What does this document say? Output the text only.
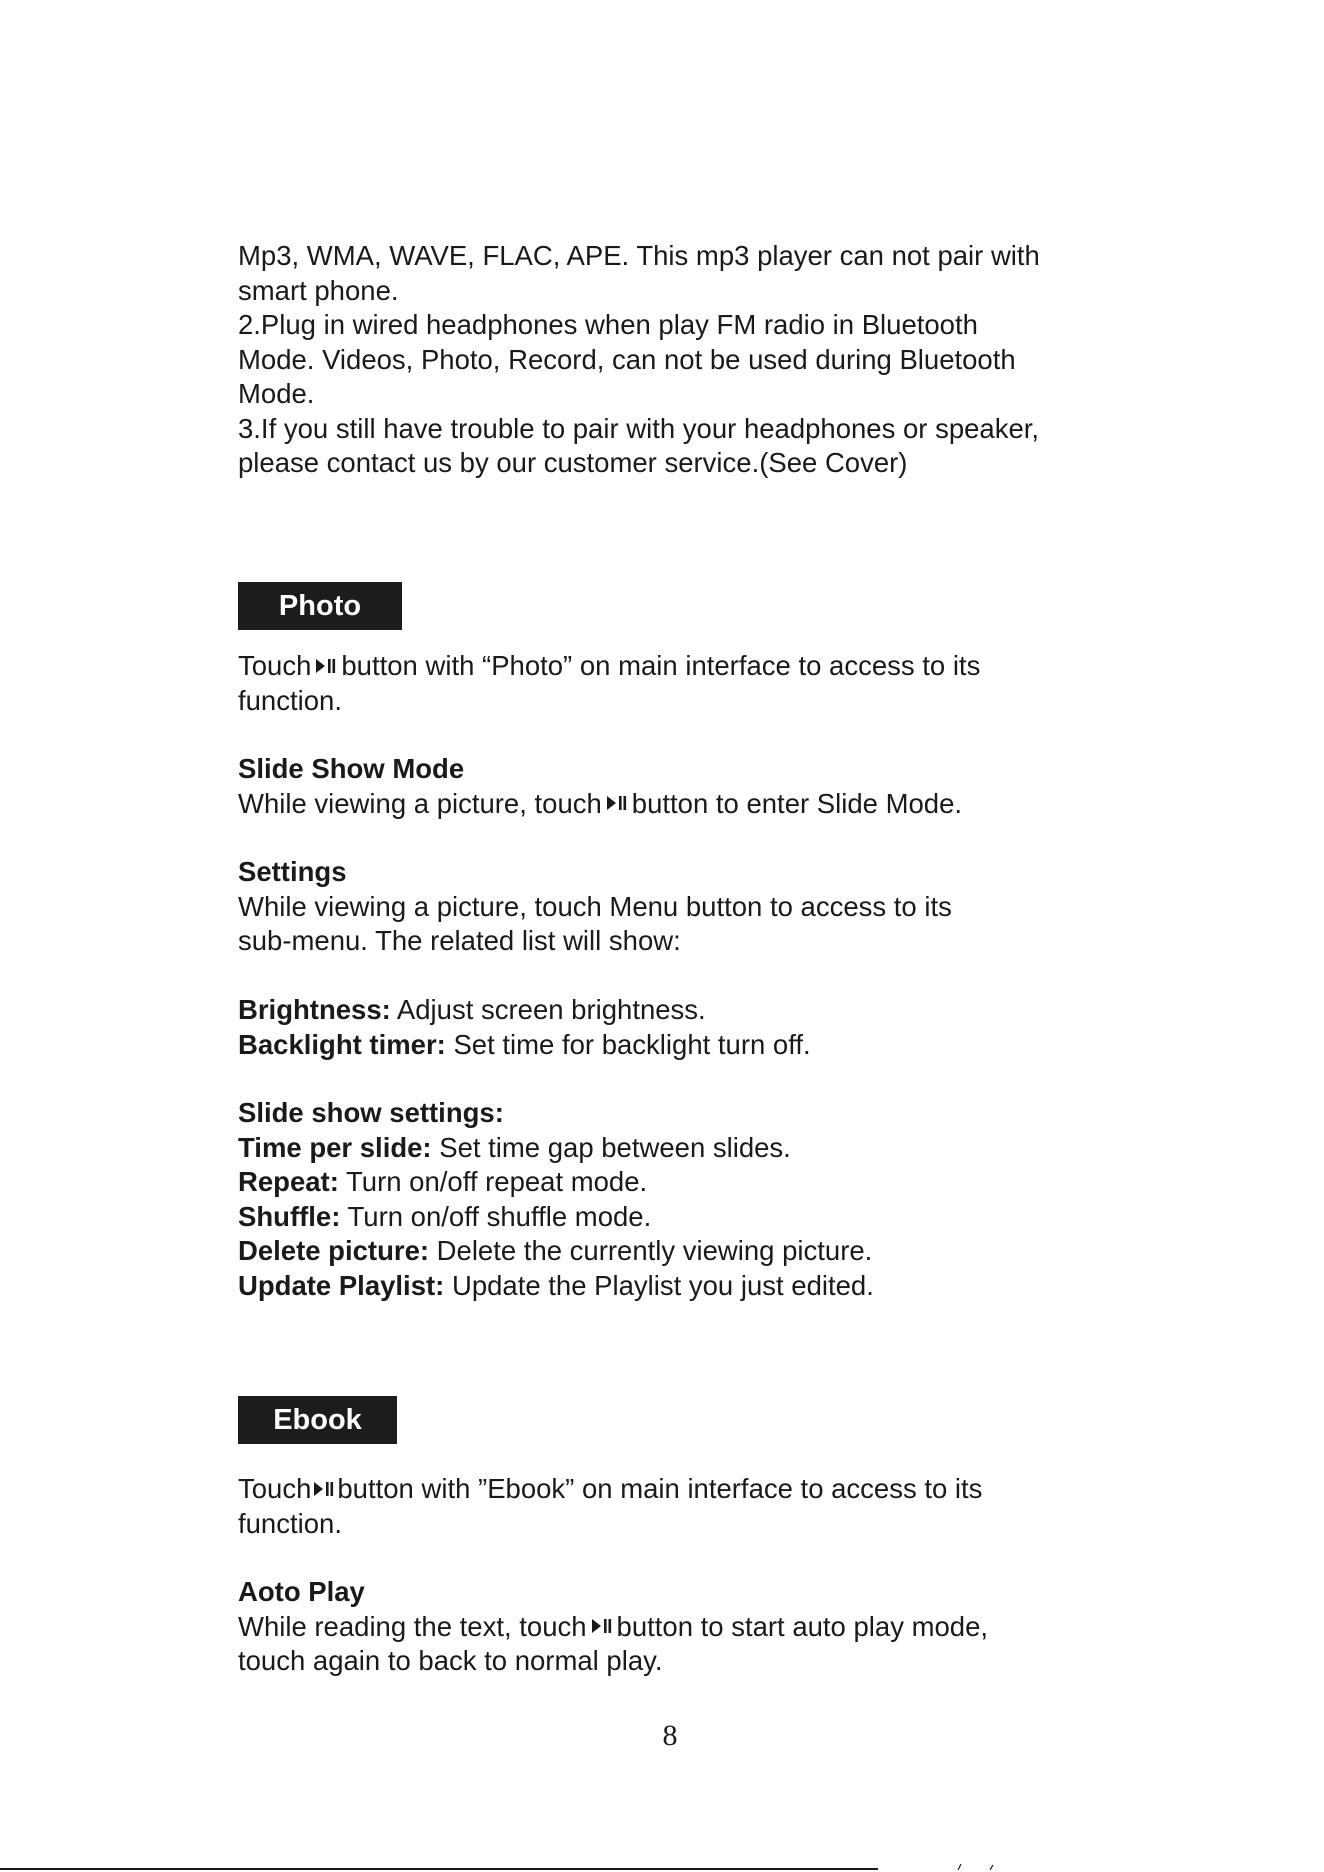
Mp3, WMA, WAVE, FLAC, APE. This mp3 player can not pair with

smart phone.

2.Plug in wired headphones when play FM radio in Bluetooth

Mode. Videos, Photo, Record, can not be used during Bluetooth

Mode.

3.If you still have trouble to pair with your headphones or speaker,

please contact us by our customer service.(See Cover)

Photo

Touch button with “Photo” on main interface to access to its

function.

Slide Show Mode

While viewing a picture, touch button to enter Slide Mode.

Settings

While viewing a picture, touch Menu button to access to its

sub-menu. The related list will show:

Brightness: Adjust screen brightness.

Backlight timer: Set time for backlight turn off.

Slide show settings:

Time per slide: Set time gap between slides.

Repeat: Turn on/off repeat mode.

Shuffle: Turn on/off shuffle mode.

Delete picture: Delete the currently viewing picture.

Update Playlist: Update the Playlist you just edited.

Ebook

Touch button with ”Ebook” on main interface to access to its

function.

Aoto Play

While reading the text, touch button to start auto play mode,

touch again to back to normal play.

8
